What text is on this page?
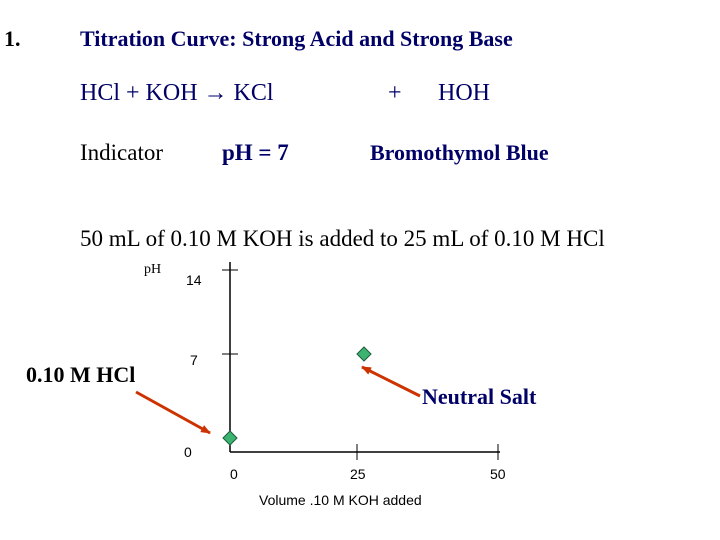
1.	Titration Curve: Strong Acid and Strong Base
HCl + KOH → KCl	+ HOH
Indicator	pH = 7	Bromothymol Blue
50 mL of 0.10 M KOH is added to 25 mL of 0.10 M HCl
pH
0.10 M HCl
Neutral Salt
14
7
0
0	25	50
Volume .10 M KOH added
